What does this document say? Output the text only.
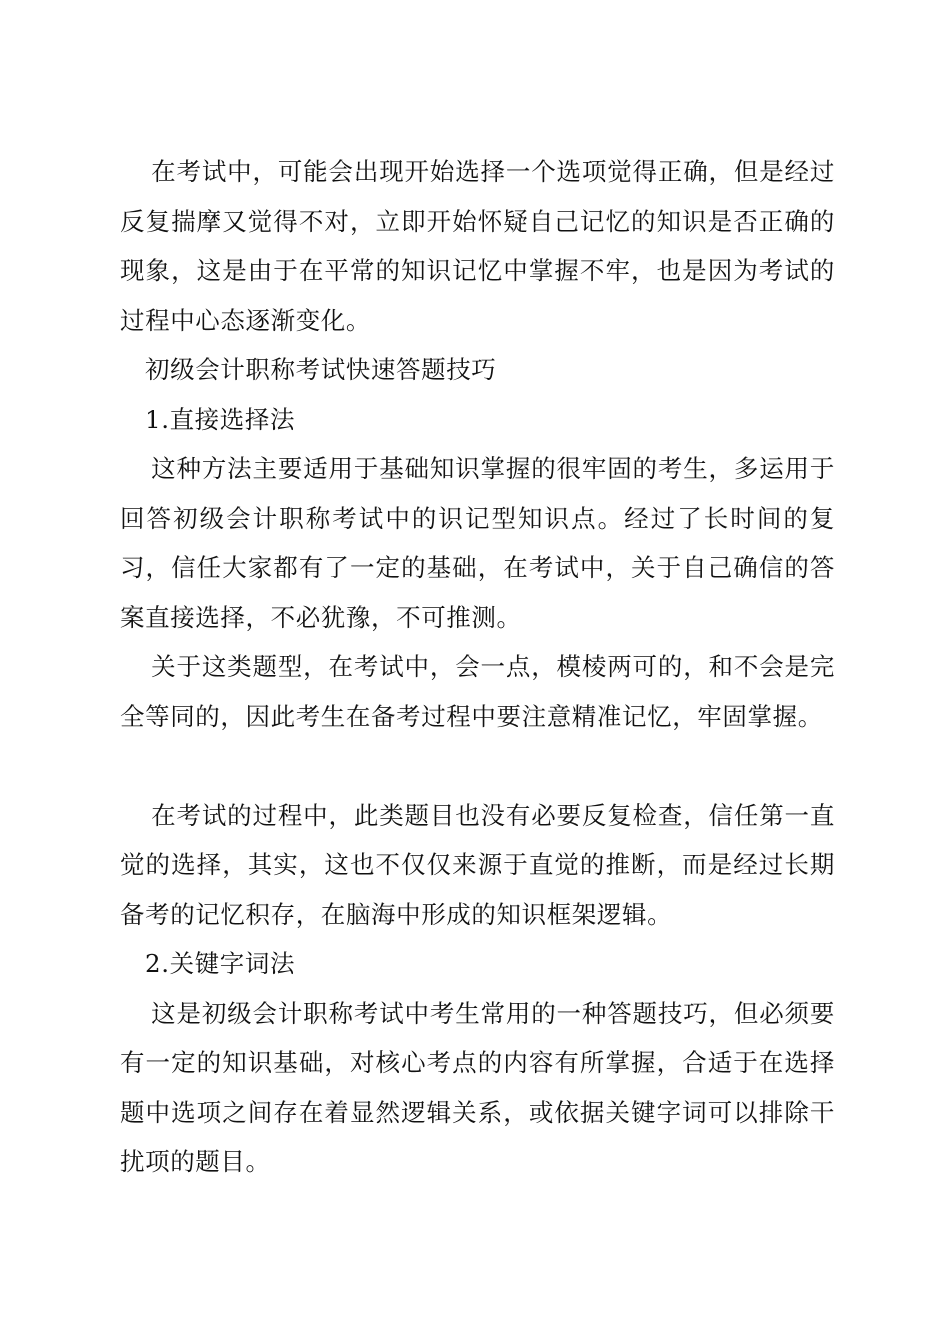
在考试中，可能会出现开始选择一个选项觉得正确，但是经过反复揣摩又觉得不对，立即开始怀疑自己记忆的知识是否正确的现象，这是由于在平常的知识记忆中掌握不牢，也是因为考试的过程中心态逐渐变化。

初级会计职称考试快速答题技巧

1.直接选择法

这种方法主要适用于基础知识掌握的很牢固的考生，多运用于回答初级会计职称考试中的识记型知识点。经过了长时间的复习，信任大家都有了一定的基础，在考试中，关于自己确信的答案直接选择，不必犹豫，不可推测。

关于这类题型，在考试中，会一点，模棱两可的，和不会是完全等同的，因此考生在备考过程中要注意精准记忆，牢固掌握。

在考试的过程中，此类题目也没有必要反复检查，信任第一直觉的选择，其实，这也不仅仅来源于直觉的推断，而是经过长期备考的记忆积存，在脑海中形成的知识框架逻辑。

2.关键字词法

这是初级会计职称考试中考生常用的一种答题技巧，但必须要有一定的知识基础，对核心考点的内容有所掌握，合适于在选择题中选项之间存在着显然逻辑关系，或依据关键字词可以排除干扰项的题目。
